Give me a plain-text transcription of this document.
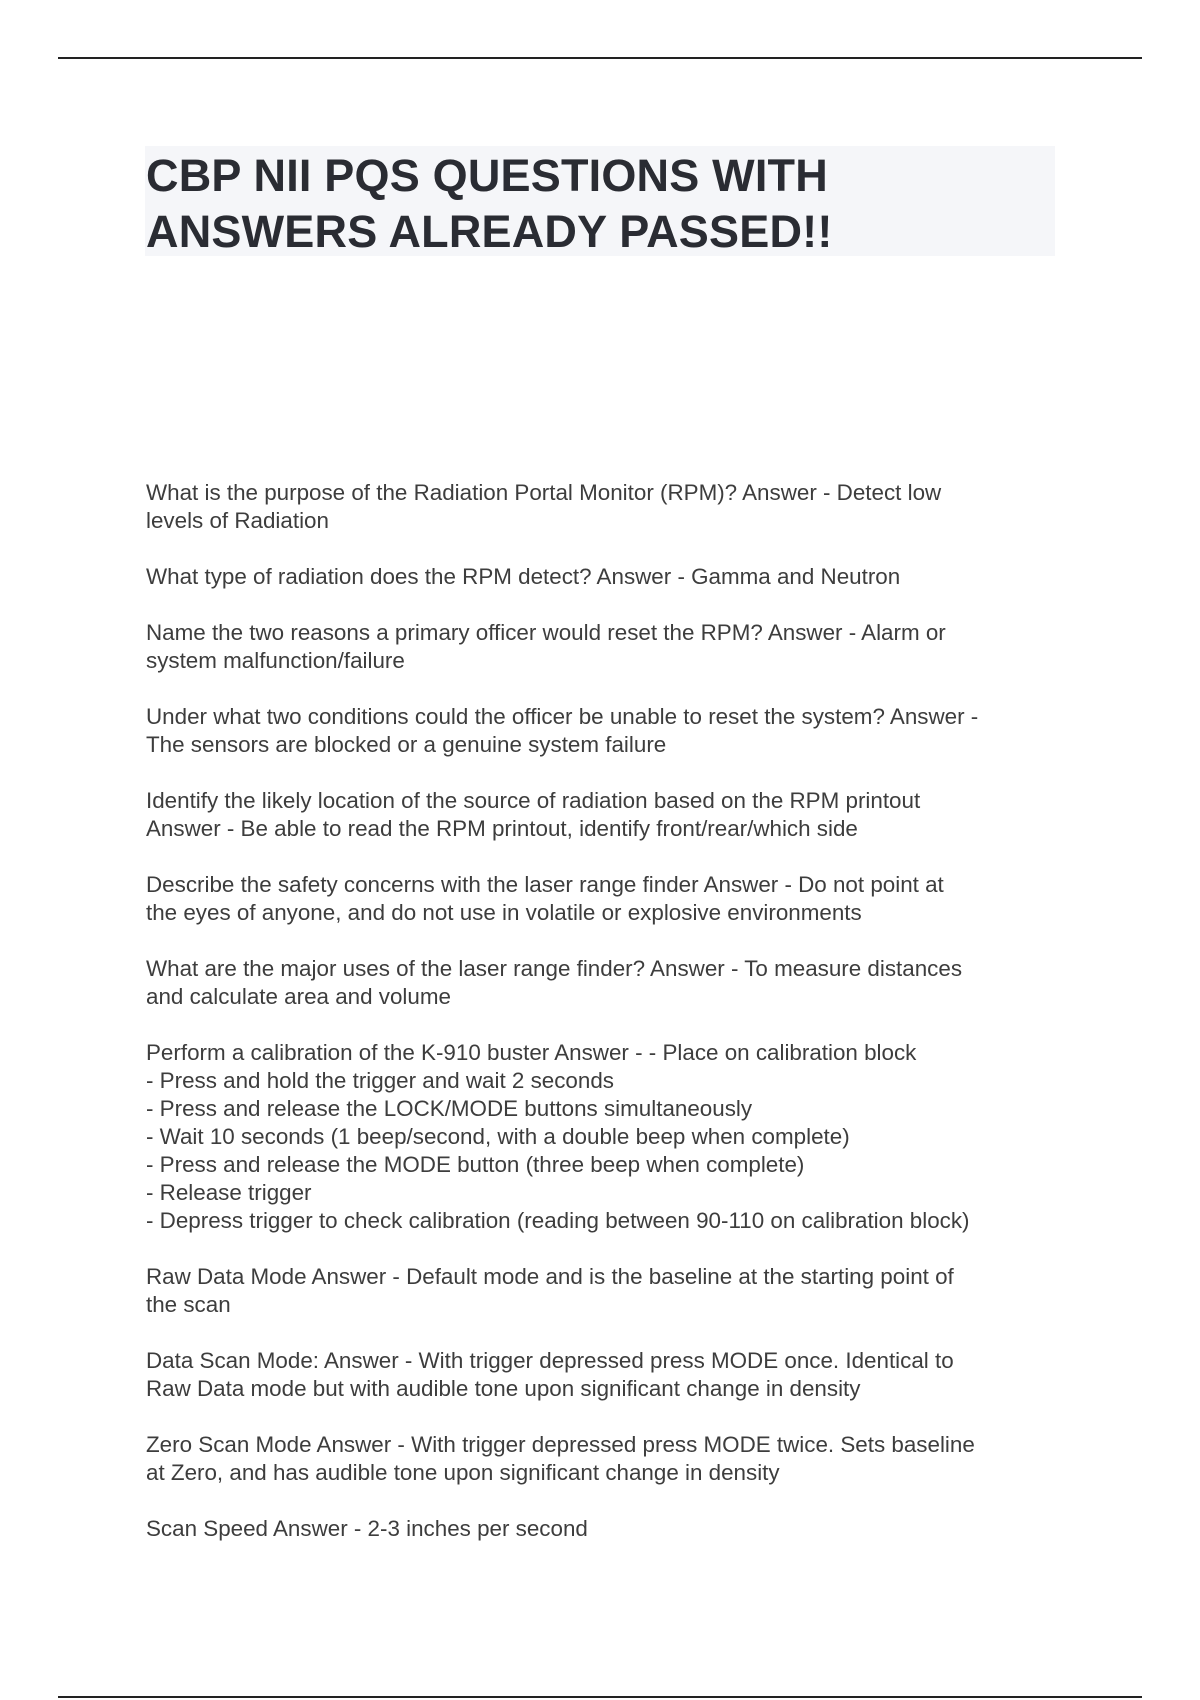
CBP NII PQS QUESTIONS WITH
ANSWERS ALREADY PASSED!!

What is the purpose of the Radiation Portal Monitor (RPM)? Answer - Detect low
levels of Radiation

What type of radiation does the RPM detect? Answer - Gamma and Neutron

Name the two reasons a primary officer would reset the RPM? Answer - Alarm or
system malfunction/failure

Under what two conditions could the officer be unable to reset the system? Answer -
The sensors are blocked or a genuine system failure

Identify the likely location of the source of radiation based on the RPM printout
Answer - Be able to read the RPM printout, identify front/rear/which side

Describe the safety concerns with the laser range finder Answer - Do not point at
the eyes of anyone, and do not use in volatile or explosive environments

What are the major uses of the laser range finder? Answer - To measure distances
and calculate area and volume

Perform a calibration of the K-910 buster Answer - - Place on calibration block
- Press and hold the trigger and wait 2 seconds
- Press and release the LOCK/MODE buttons simultaneously
- Wait 10 seconds (1 beep/second, with a double beep when complete)
- Press and release the MODE button (three beep when complete)
- Release trigger
- Depress trigger to check calibration (reading between 90-110 on calibration block)

Raw Data Mode Answer - Default mode and is the baseline at the starting point of
the scan

Data Scan Mode: Answer - With trigger depressed press MODE once. Identical to
Raw Data mode but with audible tone upon significant change in density

Zero Scan Mode Answer - With trigger depressed press MODE twice. Sets baseline
at Zero, and has audible tone upon significant change in density

Scan Speed Answer - 2-3 inches per second
